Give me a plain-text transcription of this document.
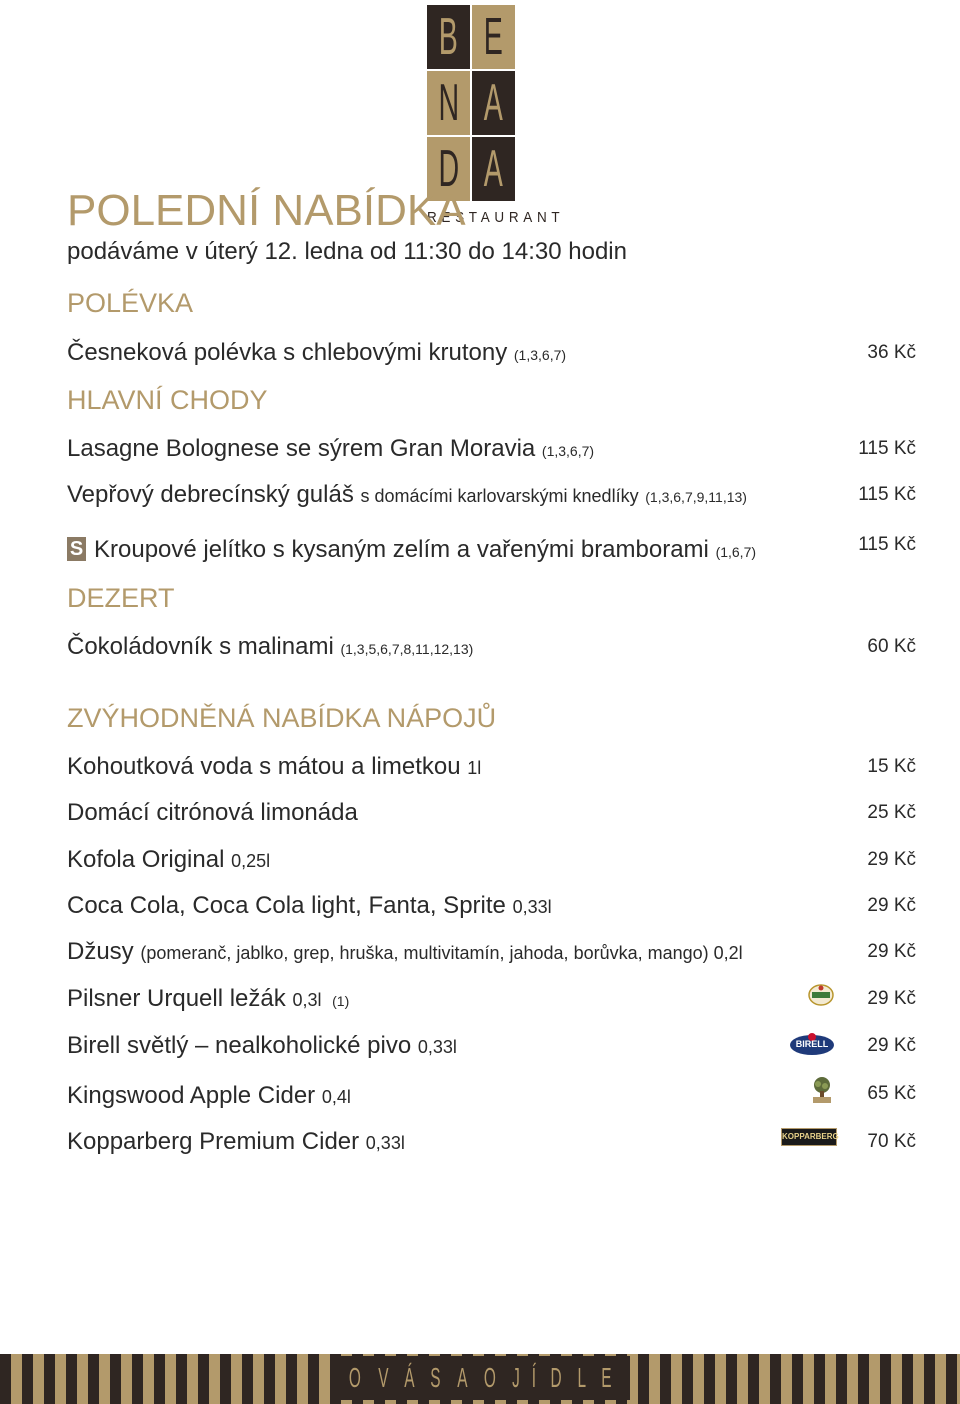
B E
N A
D A
RESTAURANT
POLEDNÍ NABÍDKA
podáváme v úterý 12. ledna od 11:30 do 14:30 hodin
POLÉVKA
Česneková polévka s chlebovými krutony (1,3,6,7)	36 Kč
HLAVNÍ CHODY
Lasagne Bolognese se sýrem Gran Moravia (1,3,6,7)	115 Kč
Vepřový debrecínský guláš s domácími karlovarskými knedlíky (1,3,6,7,9,11,13)	115 Kč
S Kroupové jelítko s kysaným zelím a vařenými bramborami (1,6,7)	115 Kč
DEZERT
Čokoládovník s malinami (1,3,5,6,7,8,11,12,13)	60 Kč
ZVÝHODNĚNÁ NABÍDKA NÁPOJŮ
Kohoutková voda s mátou a limetkou 1l	15 Kč
Domácí citrónová limonáda	25 Kč
Kofola Original 0,25l	29 Kč
Coca Cola, Coca Cola light, Fanta, Sprite 0,33l	29 Kč
Džusy (pomeranč, jablko, grep, hruška, multivitamín, jahoda, borůvka, mango) 0,2l	29 Kč
Pilsner Urquell ležák 0,3l (1)	29 Kč
Birell světlý – nealkoholické pivo 0,33l	BIRELL	29 Kč
Kingswood Apple Cider 0,4l	65 Kč
Kopparberg Premium Cider 0,33l	KOPPARBERG 70 Kč
O V Á S A O J Í D L E
